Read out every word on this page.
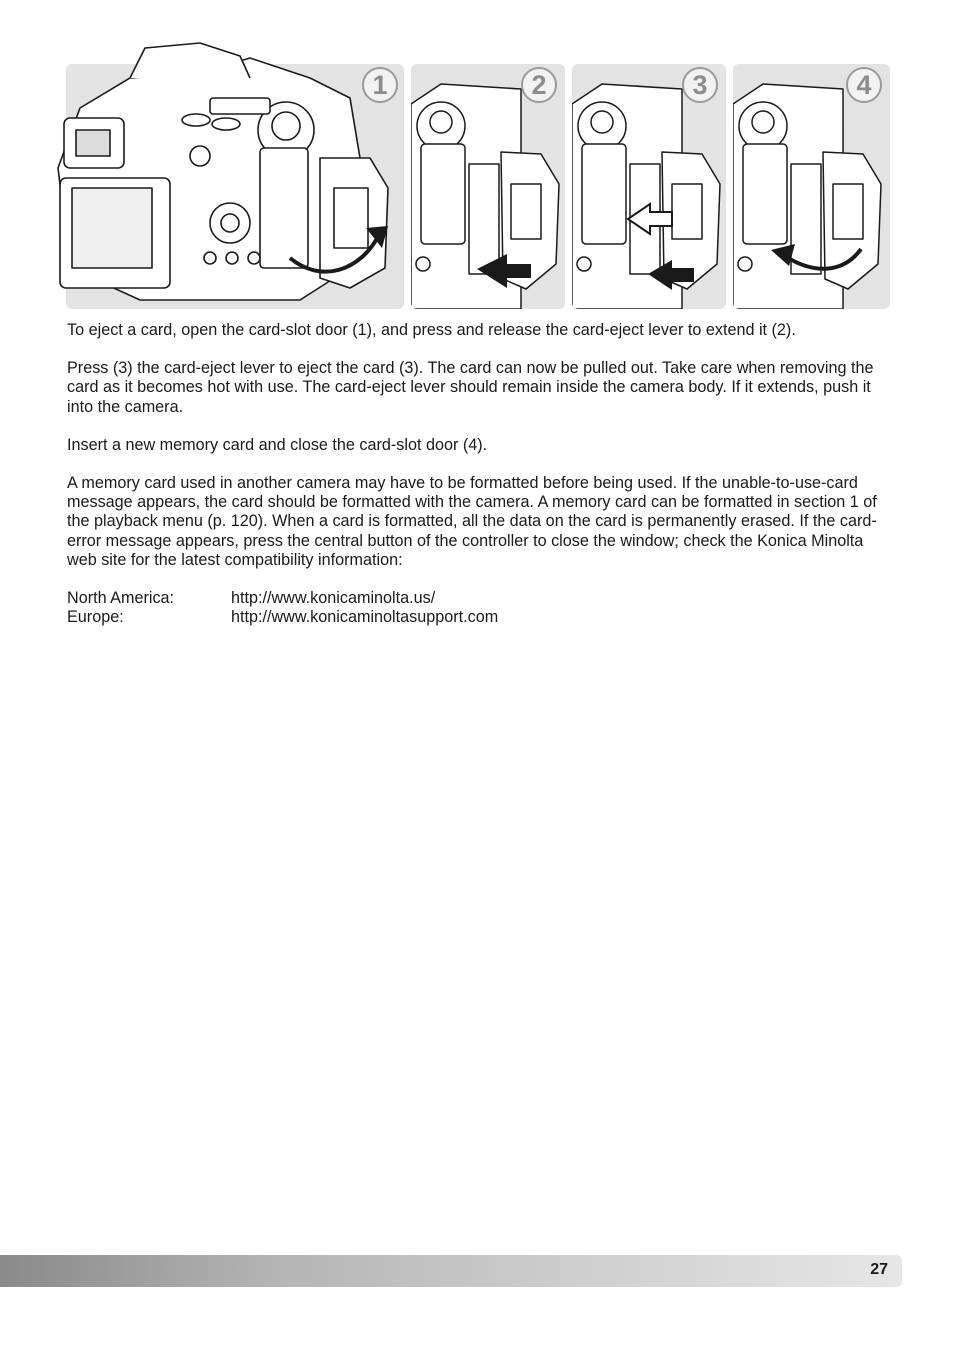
1	2	3	4

To eject a card, open the card-slot door (1), and press and release the card-eject lever to extend it (2).

Press (3) the card-eject lever to eject the card (3). The card can now be pulled out. Take care when removing the card as it becomes hot with use. The card-eject lever should remain inside the camera body. If it extends, push it into the camera.

Insert a new memory card and close the card-slot door (4).

A memory card used in another camera may have to be formatted before being used. If the unable-to-use-card message appears, the card should be formatted with the camera. A memory card can be formatted in section 1 of the playback menu (p. 120). When a card is formatted, all the data on the card is permanently erased. If the card-error message appears, press the central button of the controller to close the window; check the Konica Minolta web site for the latest compatibility information:

North America:	http://www.konicaminolta.us/
Europe:	http://www.konicaminoltasupport.com
27
